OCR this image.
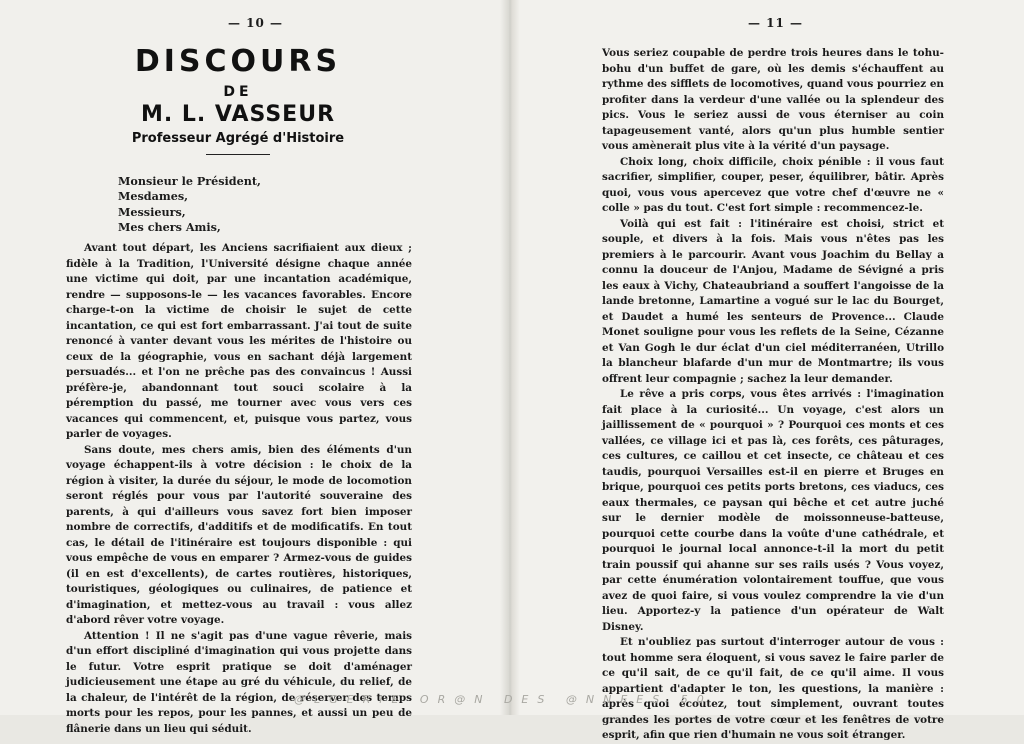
— 10 —
DISCOURS
DE
M. L. VASSEUR
Professeur Agrégé d'Histoire
Monsieur le Président,
Mesdames,
Messieurs,
Mes chers Amis,

Avant tout départ, les Anciens sacrifiaient aux dieux ; fidèle à la Tradition, l'Université désigne chaque année une victime qui doit, par une incantation académique, rendre — supposons-le — les vacances favorables. Encore charge-t-on la victime de choisir le sujet de cette incantation, ce qui est fort embarrassant. J'ai tout de suite renoncé à vanter devant vous les mérites de l'histoire ou ceux de la géographie, vous en sachant déjà largement persuadés... et l'on ne prêche pas des convaincus ! Aussi préfère-je, abandonnant tout souci scolaire à la péremption du passé, me tourner avec vous vers ces vacances qui commencent, et, puisque vous partez, vous parler de voyages.

Sans doute, mes chers amis, bien des éléments d'un voyage échappent-ils à votre décision : le choix de la région à visiter, la durée du séjour, le mode de locomotion seront réglés pour vous par l'autorité souveraine des parents, à qui d'ailleurs vous savez fort bien imposer nombre de correctifs, d'additifs et de modificatifs. En tout cas, le détail de l'itinéraire est toujours disponible : qui vous empêche de vous en emparer ? Armez-vous de guides (il en est d'excellents), de cartes routières, historiques, touristiques, géologiques ou culinaires, de patience et d'imagination, et mettez-vous au travail : vous allez d'abord rêver votre voyage.

Attention ! Il ne s'agit pas d'une vague rêverie, mais d'un effort discipliné d'imagination qui vous projette dans le futur. Votre esprit pratique se doit d'aménager judicieusement une étape au gré du véhicule, du relief, de la chaleur, de l'intérêt de la région, de réserver des temps morts pour les repos, pour les pannes, et aussi un peu de flânerie dans un lieu qui séduit.

— 11 —

Vous seriez coupable de perdre trois heures dans le tohu-bohu d'un buffet de gare, où les demis s'échauffent au rythme des sifflets de locomotives, quand vous pourriez en profiter dans la verdeur d'une vallée ou la splendeur des pics. Vous le seriez aussi de vous éterniser au coin tapageusement vanté, alors qu'un plus humble sentier vous amènerait plus vite à la vérité d'un paysage.

Choix long, choix difficile, choix pénible : il vous faut sacrifier, simplifier, couper, peser, équilibrer, bâtir. Après quoi, vous vous apercevez que votre chef d'œuvre ne « colle » pas du tout. C'est fort simple : recommencez-le.

Voilà qui est fait : l'itinéraire est choisi, strict et souple, et divers à la fois. Mais vous n'êtes pas les premiers à le parcourir. Avant vous Joachim du Bellay a connu la douceur de l'Anjou, Madame de Sévigné a pris les eaux à Vichy, Chateaubriand a souffert l'angoisse de la lande bretonne, Lamartine a vogué sur le lac du Bourget, et Daudet a humé les senteurs de Provence... Claude Monet souligne pour vous les reflets de la Seine, Cézanne et Van Gogh le dur éclat d'un ciel méditerranéen, Utrillo la blancheur blafarde d'un mur de Montmartre; ils vous offrent leur compagnie ; sachez la leur demander.

Le rêve a pris corps, vous êtes arrivés : l'imagination fait place à la curiosité... Un voyage, c'est alors un jaillissement de « pourquoi » ? Pourquoi ces monts et ces vallées, ce village ici et pas là, ces forêts, ces pâturages, ces cultures, ce caillou et cet insecte, ce château et ces taudis, pourquoi Versailles est-il en pierre et Bruges en brique, pourquoi ces petits ports bretons, ces viaducs, ces eaux thermales, ce paysan qui bêche et cet autre juché sur le dernier modèle de moissonneuse-batteuse, pourquoi cette courbe dans la voûte d'une cathédrale, et pourquoi le journal local annonce-t-il la mort du petit train poussif qui ahanne sur ses rails usés ? Vous voyez, par cette énumération volontairement touffue, que vous avez de quoi faire, si vous voulez comprendre la vie d'un lieu. Apportez-y la patience d'un opérateur de Walt Disney.

Et n'oubliez pas surtout d'interroger autour de vous : tout homme sera éloquent, si vous savez le faire parler de ce qu'il sait, de ce qu'il fait, de ce qu'il aime. Il vous appartient d'adapter le ton, les questions, la manière : après quoi écoutez, tout simplement, ouvrant toutes grandes les portes de votre cœur et les fenêtres de votre esprit, afin que rien d'humain ne vous soit étranger.

@LGERIE OR@N DES @NNEES 50
